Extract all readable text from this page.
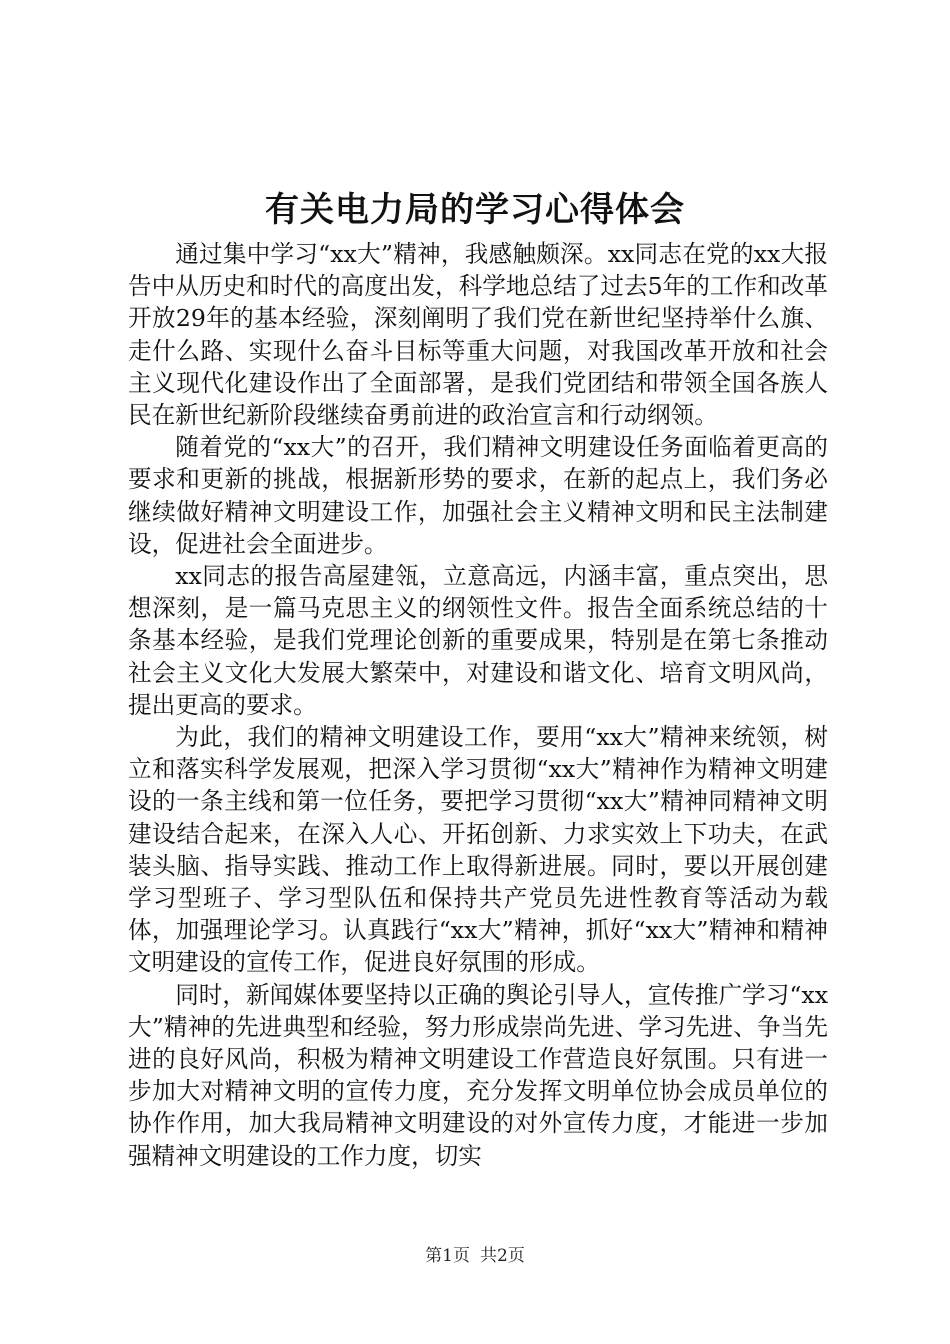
有关电力局的学习心得体会

通过集中学习“xx大”精神，我感触颇深。xx同志在党的xx大报告中从历史和时代的高度出发，科学地总结了过去5年的工作和改革开放29年的基本经验，深刻阐明了我们党在新世纪坚持举什么旗、走什么路、实现什么奋斗目标等重大问题，对我国改革开放和社会主义现代化建设作出了全面部署，是我们党团结和带领全国各族人民在新世纪新阶段继续奋勇前进的政治宣言和行动纲领。

随着党的“xx大”的召开，我们精神文明建设任务面临着更高的要求和更新的挑战，根据新形势的要求，在新的起点上，我们务必继续做好精神文明建设工作，加强社会主义精神文明和民主法制建设，促进社会全面进步。

xx同志的报告高屋建瓴，立意高远，内涵丰富，重点突出，思想深刻，是一篇马克思主义的纲领性文件。报告全面系统总结的十条基本经验，是我们党理论创新的重要成果，特别是在第七条推动社会主义文化大发展大繁荣中，对建设和谐文化、培育文明风尚，提出更高的要求。

为此，我们的精神文明建设工作，要用“xx大”精神来统领，树立和落实科学发展观，把深入学习贯彻“xx大”精神作为精神文明建设的一条主线和第一位任务，要把学习贯彻“xx大”精神同精神文明建设结合起来，在深入人心、开拓创新、力求实效上下功夫，在武装头脑、指导实践、推动工作上取得新进展。同时，要以开展创建学习型班子、学习型队伍和保持共产党员先进性教育等活动为载体，加强理论学习。认真践行“xx大”精神，抓好“xx大”精神和精神文明建设的宣传工作，促进良好氛围的形成。

同时，新闻媒体要坚持以正确的舆论引导人，宣传推广学习“xx大”精神的先进典型和经验，努力形成崇尚先进、学习先进、争当先进的良好风尚，积极为精神文明建设工作营造良好氛围。只有进一步加大对精神文明的宣传力度，充分发挥文明单位协会成员单位的协作作用，加大我局精神文明建设的对外宣传力度，才能进一步加强精神文明建设的工作力度，切实

第1页 共2页
